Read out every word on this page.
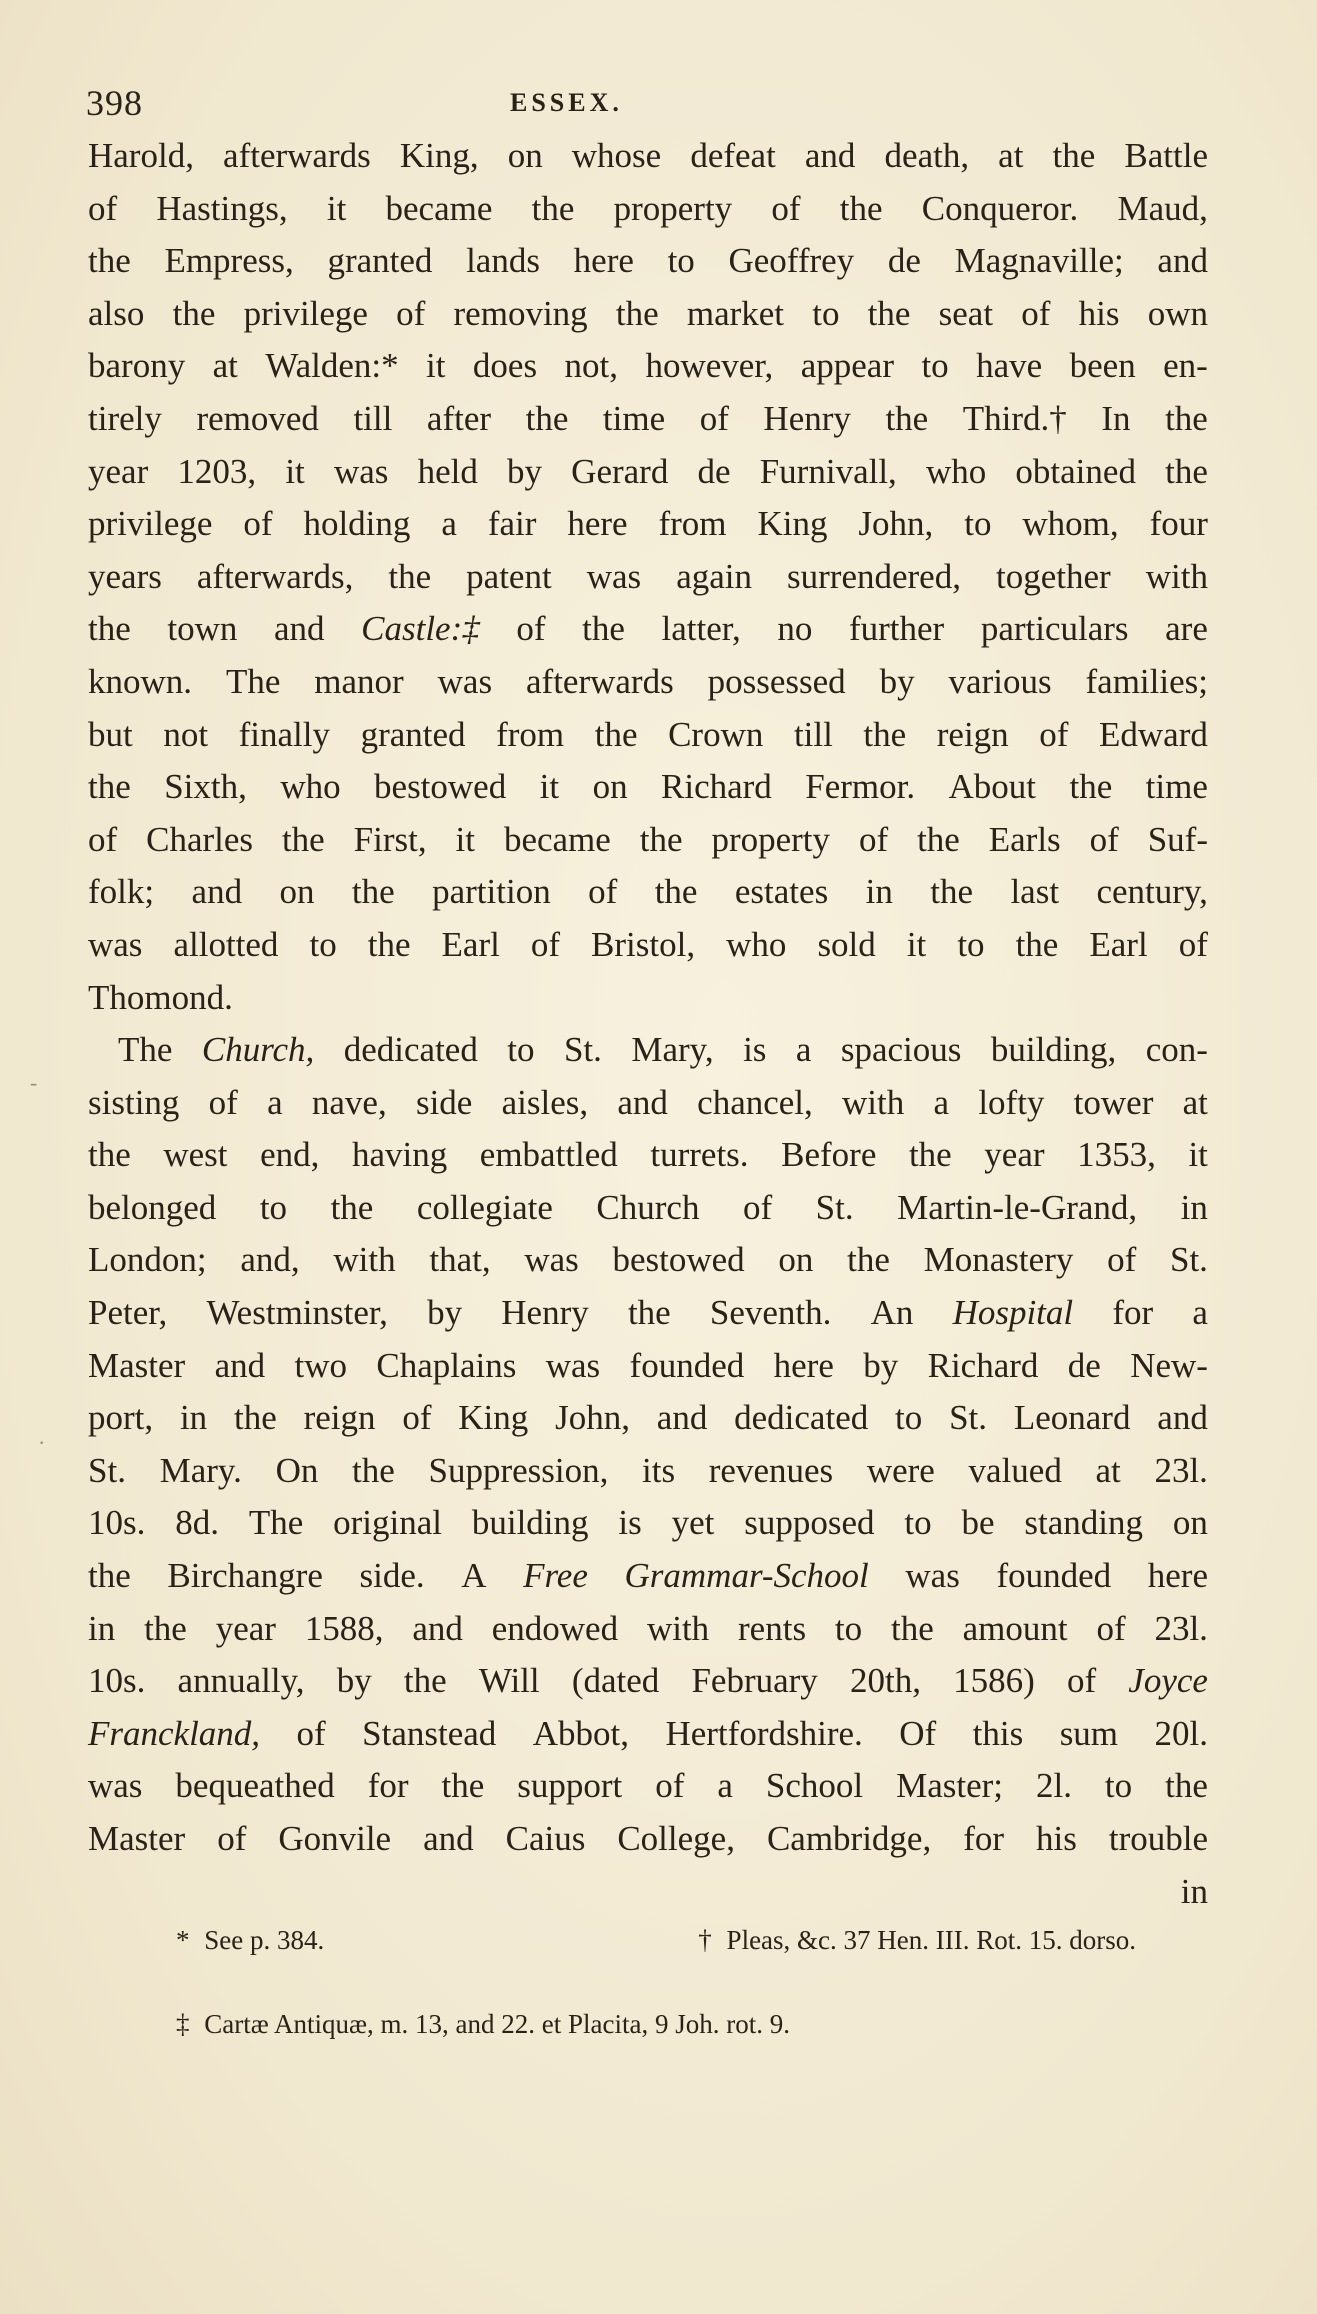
398	ESSEX.
Harold, afterwards King, on whose defeat and death, at the Battle
of Hastings, it became the property of the Conqueror. Maud,
the Empress, granted lands here to Geoffrey de Magnaville; and
also the privilege of removing the market to the seat of his own
barony at Walden:* it does not, however, appear to have been en-
tirely removed till after the time of Henry the Third.† In the
year 1203, it was held by Gerard de Furnivall, who obtained the
privilege of holding a fair here from King John, to whom, four
years afterwards, the patent was again surrendered, together with
the town and Castle:‡ of the latter, no further particulars are
known. The manor was afterwards possessed by various families;
but not finally granted from the Crown till the reign of Edward
the Sixth, who bestowed it on Richard Fermor. About the time
of Charles the First, it became the property of the Earls of Suf-
folk; and on the partition of the estates in the last century,
was allotted to the Earl of Bristol, who sold it to the Earl of
Thomond.
The Church, dedicated to St. Mary, is a spacious building, con-
sisting of a nave, side aisles, and chancel, with a lofty tower at
the west end, having embattled turrets. Before the year 1353, it
belonged to the collegiate Church of St. Martin-le-Grand, in
London; and, with that, was bestowed on the Monastery of St.
Peter, Westminster, by Henry the Seventh. An Hospital for a
Master and two Chaplains was founded here by Richard de New-
port, in the reign of King John, and dedicated to St. Leonard and
St. Mary. On the Suppression, its revenues were valued at 23l.
10s. 8d. The original building is yet supposed to be standing on
the Birchangre side. A Free Grammar-School was founded here
in the year 1588, and endowed with rents to the amount of 23l.
10s. annually, by the Will (dated February 20th, 1586) of Joyce
Franckland, of Stanstead Abbot, Hertfordshire. Of this sum 20l.
was bequeathed for the support of a School Master; 2l. to the
Master of Gonvile and Caius College, Cambridge, for his trouble
in
* See p. 384.	† Pleas, &c. 37 Hen. III. Rot. 15. dorso.
‡ Cartæ Antiquæ, m. 13, and 22. et Placita, 9 Joh. rot. 9.
-
·
